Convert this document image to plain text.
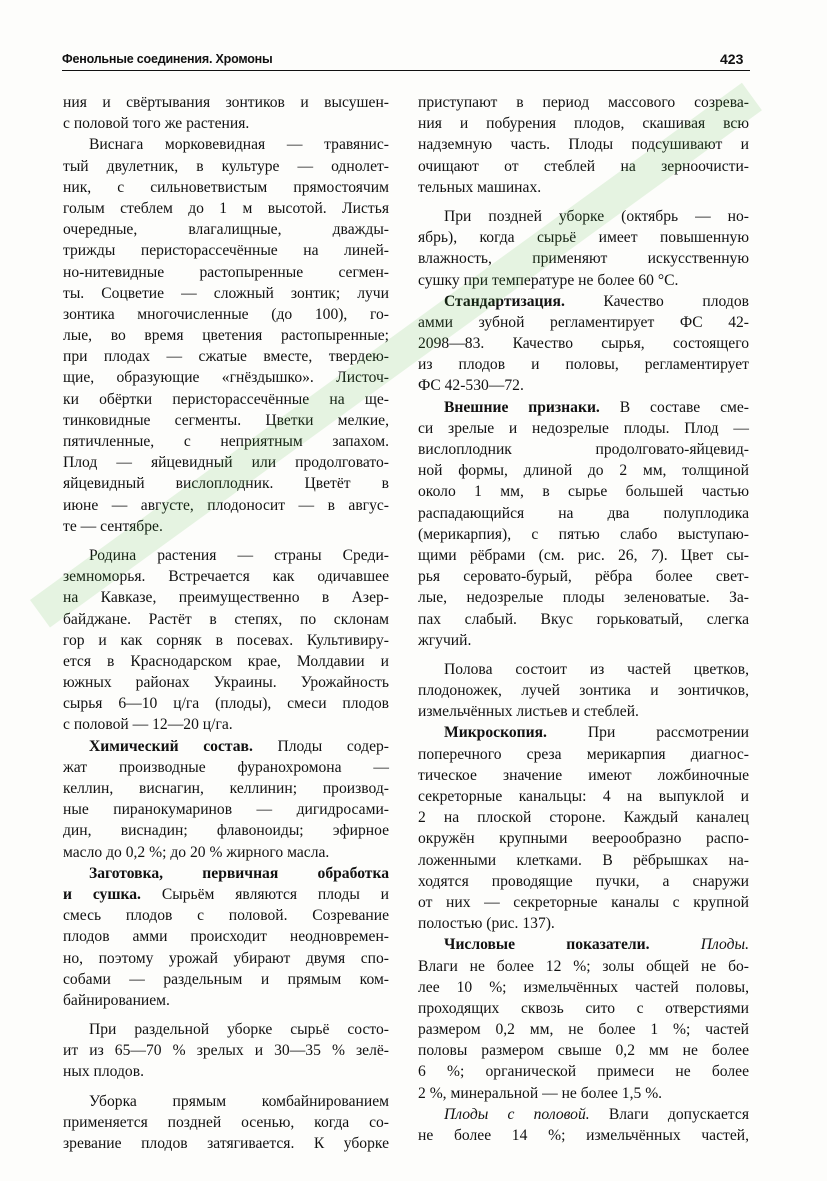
Фенольные соединения. Хромоны	423
ния и свёртывания зонтиков и высушен-
с половой того же растения.
Виснага морковевидная — травянис-
тый двулетник, в культуре — однолет-
ник, с сильноветвистым прямостоячим
голым стеблем до 1 м высотой. Листья
очередные, влагалищные, дважды-
трижды перисторассечённые на линей-
но-нитевидные растопыренные сегмен-
ты. Соцветие — сложный зонтик; лучи
зонтика многочисленные (до 100), го-
лые, во время цветения растопыренные;
при плодах — сжатые вместе, твердею-
щие, образующие «гнёздышко». Листоч-
ки обёртки перисторассечённые на ще-
тинковидные сегменты. Цветки мелкие,
пятичленные, с неприятным запахом.
Плод — яйцевидный или продолговато-
яйцевидный вислоплодник. Цветёт в
июне — августе, плодоносит — в авгус-
те — сентябре.
Родина растения — страны Среди-
земноморья. Встречается как одичавшее
на Кавказе, преимущественно в Азер-
байджане. Растёт в степях, по склонам
гор и как сорняк в посевах. Культивиру-
ется в Краснодарском крае, Молдавии и
южных районах Украины. Урожайность
сырья 6—10 ц/га (плоды), смеси плодов
с половой — 12—20 ц/га.
Химический состав. Плоды содер-
жат производные фуранохромона —
келлин, виснагин, келлинин; производ-
ные пиранокумаринов — дигидросами-
дин, виснадин; флавоноиды; эфирное
масло до 0,2 %; до 20 % жирного масла.
Заготовка, первичная обработка
и сушка. Сырьём являются плоды и
смесь плодов с половой. Созревание
плодов амми происходит неодновремен-
но, поэтому урожай убирают двумя спо-
собами — раздельным и прямым ком-
байнированием.
При раздельной уборке сырьё состо-
ит из 65—70 % зрелых и 30—35 % зелё-
ных плодов.
Уборка прямым комбайнированием
применяется поздней осенью, когда со-
зревание плодов затягивается. К уборке
приступают в период массового созрева-
ния и побурения плодов, скашивая всю
надземную часть. Плоды подсушивают и
очищают от стеблей на зерноочисти-
тельных машинах.
При поздней уборке (октябрь — но-
ябрь), когда сырьё имеет повышенную
влажность, применяют искусственную
сушку при температуре не более 60 °С.
Стандартизация. Качество плодов
амми зубной регламентирует ФС 42-
2098—83. Качество сырья, состоящего
из плодов и половы, регламентирует
ФС 42-530—72.
Внешние признаки. В составе сме-
си зрелые и недозрелые плоды. Плод —
вислоплодник продолговато-яйцевид-
ной формы, длиной до 2 мм, толщиной
около 1 мм, в сырье большей частью
распадающийся на два полуплодика
(мерикарпия), с пятью слабо выступаю-
щими рёбрами (см. рис. 26, 7). Цвет сы-
рья серовато-бурый, рёбра более свет-
лые, недозрелые плоды зеленоватые. За-
пах слабый. Вкус горьковатый, слегка
жгучий.
Полова состоит из частей цветков,
плодоножек, лучей зонтика и зонтичков,
измельчённых листьев и стеблей.
Микроскопия. При рассмотрении
поперечного среза мерикарпия диагнос-
тическое значение имеют ложбиночные
секреторные канальцы: 4 на выпуклой и
2 на плоской стороне. Каждый каналец
окружён крупными веерообразно распо-
ложенными клетками. В рёбрышках на-
ходятся проводящие пучки, а снаружи
от них — секреторные каналы с крупной
полостью (рис. 137).
Числовые показатели.	Плоды.
Влаги не более 12 %; золы общей не бо-
лее 10 %; измельчённых частей половы,
проходящих сквозь сито с отверстиями
размером 0,2 мм, не более 1 %; частей
половы размером свыше 0,2 мм не более
6 %; органической примеси не более
2 %, минеральной — не более 1,5 %.
Плоды с половой. Влаги допускается
не более 14 %; измельчённых частей,
